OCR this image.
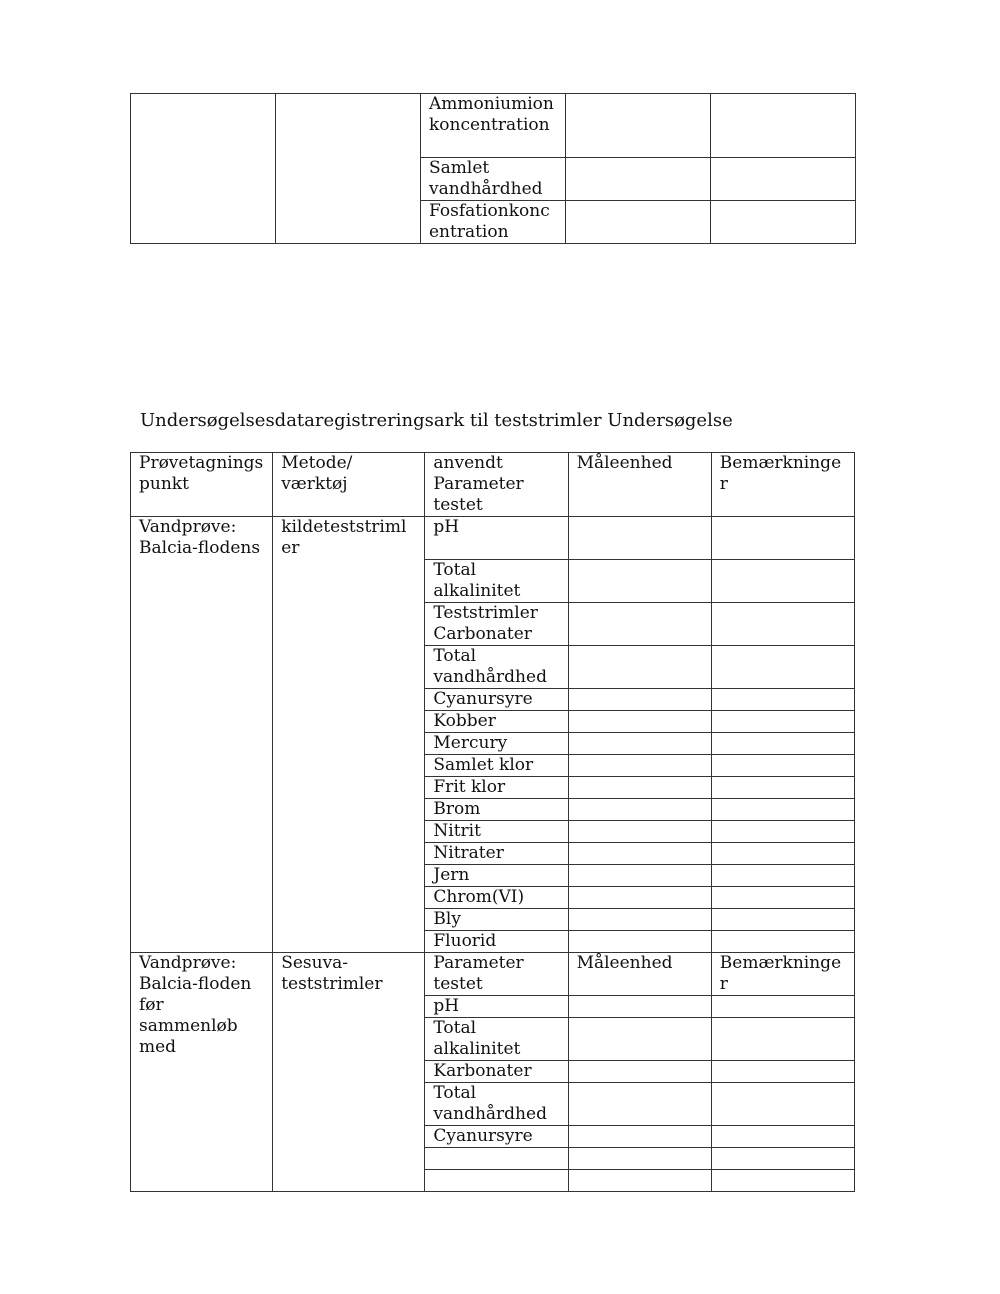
		Ammoniumionkoncentration		
		Samlet vandhårdhed		
		Fosfationkoncentration		
Undersøgelsesdataregistreringsark til teststrimler Undersøgelse
Prøvetagningspunkt	Metode/ værktøj	anvendt Parameter testet	Måleenhed	Bemærkninger
Vandprøve: Balcia-flodens	kildeteststrimler	pH		
		Total alkalinitet		
		Teststrimler Carbonater		
		Total vandhårdhed		
		Cyanursyre		
		Kobber		
		Mercury		
		Samlet klor		
		Frit klor		
		Brom		
		Nitrit		
		Nitrater		
		Jern		
		Chrom(VI)		
		Bly		
		Fluorid		
Vandprøve: Balcia-floden før sammenløb med	Sesuva-teststrimler	Parameter testet	Måleenhed	Bemærkninger
		pH		
		Total alkalinitet		
		Karbonater		
		Total vandhårdhed		
		Cyanursyre		
